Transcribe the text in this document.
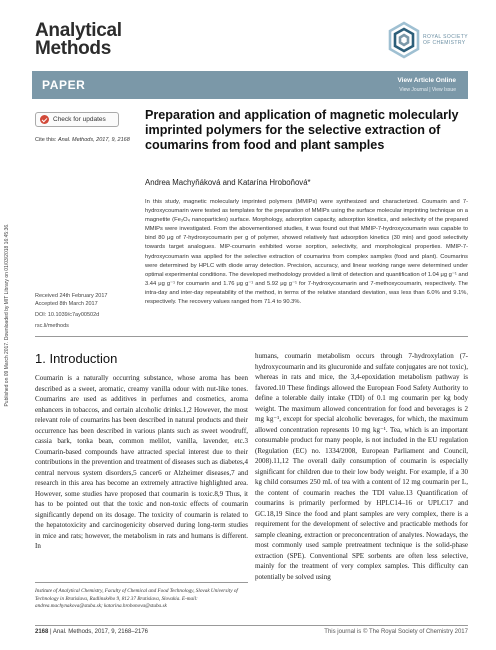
Published on 09 March 2017. Downloaded by MIT Library on 01/03/2018 16:45:36.
Analytical
Methods
ROYAL SOCIETY
OF CHEMISTRY
PAPER	View Article Online
View Journal | View Issue
Check for updates
Cite this: Anal. Methods, 2017, 9, 2168
Preparation and application of magnetic molecularly imprinted polymers for the selective extraction of coumarins from food and plant samples
Andrea Machyňáková and Katarína Hroboňová*
In this study, magnetic molecularly imprinted polymers (MMIPs) were synthesized and characterized. Coumarin and 7-hydroxycoumarin were tested as templates for the preparation of MMIPs using the surface molecular imprinting technique on a magnetite (Fe₃O₄ nanoparticles) surface. Morphology, adsorption capacity, adsorption kinetics, and selectivity of the prepared MMIPs were investigated. From the abovementioned studies, it was found out that MMIP-7-hydroxycoumarin was capable to bind 80 μg of 7-hydroxycoumarin per g of polymer, showed relatively fast adsorption kinetics (30 min) and good selectivity towards target analogues. MIP-coumarin exhibited worse sorption, selectivity, and morphological properties. MMIP-7-hydroxycoumarin was applied for the selective extraction of coumarins from complex samples (food and plant). Coumarins were determined by HPLC with diode array detection. Precision, accuracy, and linear working range were determined under optimal experimental conditions. The developed methodology provided a limit of detection and quantification of 1.04 μg g⁻¹ and 3.44 μg g⁻¹ for coumarin and 1.76 μg g⁻¹ and 5.92 μg g⁻¹ for 7-hydroxycoumarin and 7-methoxycoumarin, respectively. The intra-day and inter-day repeatability of the method, in terms of the relative standard deviation, was less than 6.0% and 9.1%, respectively. The recovery values ranged from 71.4 to 90.3%.
Received 24th February 2017
Accepted 8th March 2017
DOI: 10.1039/c7ay00502d
rsc.li/methods
1. Introduction
Coumarin is a naturally occurring substance, whose aroma has been described as a sweet, aromatic, creamy vanilla odour with nut-like tones. Coumarins are used as additives in perfumes and cosmetics, aroma enhancers in tobaccos, and certain alcoholic drinks.1,2 However, the most relevant role of coumarins has been described in natural products and their occurrence has been described in various plants such as sweet woodruff, cassia bark, tonka bean, common melilot, vanilla, lavender, etc.3 Coumarin-based compounds have attracted special interest due to their contributions in the prevention and treatment of diseases such as diabetes,4 central nervous system disorders,5 cancer6 or Alzheimer diseases,7 and research in this area has become an extremely attractive highlighted area. However, some studies have proposed that coumarin is toxic.8,9 Thus, it has to be pointed out that the toxic and non-toxic effects of coumarin significantly depend on its dosage. The toxicity of coumarin is related to the hepatotoxicity and carcinogenicity observed during long-term studies in mice and rats; however, the metabolism in rats and humans is different. In
humans, coumarin metabolism occurs through 7-hydroxylation (7-hydroxycoumarin and its glucuronide and sulfate conjugates are not toxic), whereas in rats and mice, the 3,4-epoxidation metabolism pathway is favored.10 These findings allowed the European Food Safety Authority to define a tolerable daily intake (TDI) of 0.1 mg coumarin per kg body weight. The maximum allowed concentration for food and beverages is 2 mg kg⁻¹, except for special alcoholic beverages, for which, the maximum allowed concentration represents 10 mg kg⁻¹. Tea, which is an important consumable product for many people, is not included in the EU regulation (Regulation (EC) no. 1334/2008, European Parliament and Council, 2008).11,12 The overall daily consumption of coumarin is especially significant for children due to their low body weight. For example, if a 30 kg child consumes 250 mL of tea with a content of 12 mg coumarin per L, the content of coumarin reaches the TDI value.13 Quantification of coumarins is primarily performed by HPLC14–16 or UPLC17 and GC.18,19 Since the food and plant samples are very complex, there is a requirement for the development of selective and practicable methods for sample cleaning, extraction or preconcentration of analytes. Nowadays, the most commonly used sample pretreatment technique is the solid-phase extraction (SPE). Conventional SPE sorbents are often less selective, mainly for the treatment of very complex samples. This difficulty can potentially be solved using
Institute of Analytical Chemistry, Faculty of Chemical and Food Technology, Slovak University of Technology in Bratislava, Radlinského 9, 812 37 Bratislava, Slovakia. E-mail: andrea.machynakova@stuba.sk; katarina.hrobonova@stuba.sk
2168 | Anal. Methods, 2017, 9, 2168–2176	This journal is © The Royal Society of Chemistry 2017
